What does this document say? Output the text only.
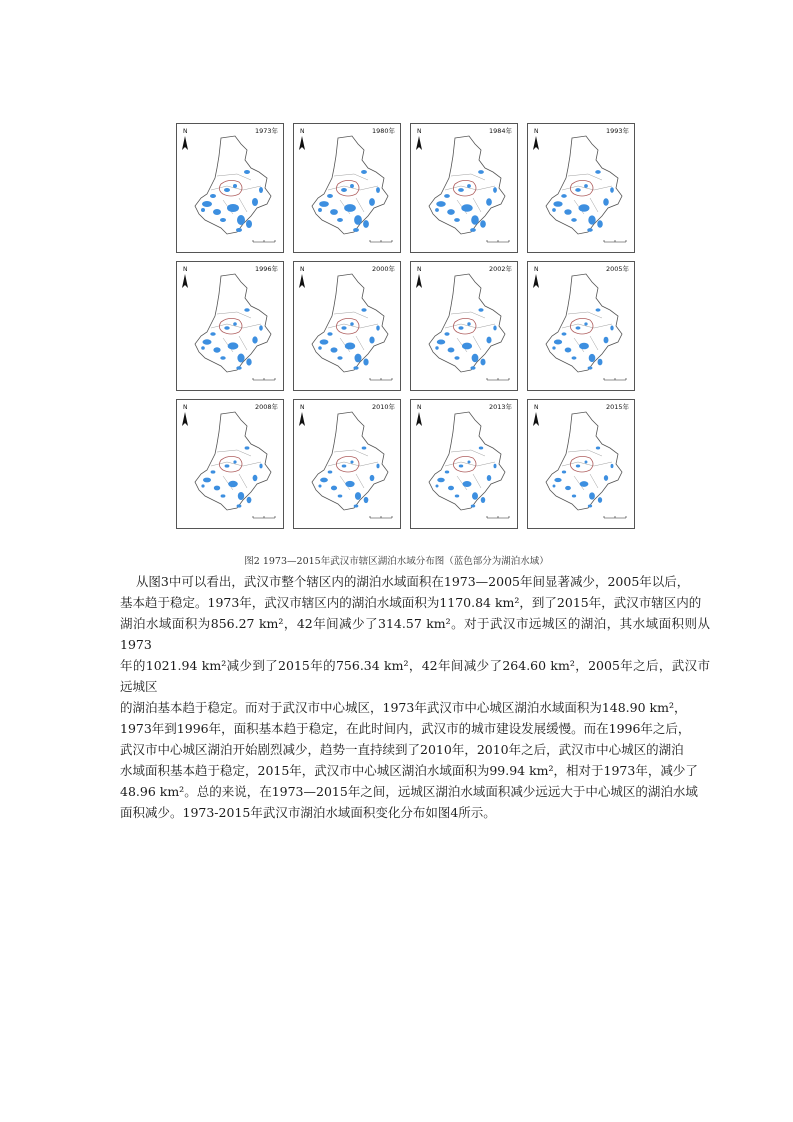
N	1973年	N	1980年	N	1984年	N	1993年
N	1996年	N	2000年	N	2002年	N	2005年
N	2008年	N	2010年	N	2013年	N	2015年
图2 1973—2015年武汉市辖区湖泊水域分布图（蓝色部分为湖泊水域）

从图3中可以看出，武汉市整个辖区内的湖泊水域面积在1973—2005年间显著减少，2005年以后，

基本趋于稳定。1973年，武汉市辖区内的湖泊水域面积为1170.84 km²，到了2015年，武汉市辖区内的

湖泊水域面积为856.27 km²，42年间减少了314.57 km²。对于武汉市远城区的湖泊，其水域面积则从1973

年的1021.94 km²减少到了2015年的756.34 km²，42年间减少了264.60 km²，2005年之后，武汉市远城区

的湖泊基本趋于稳定。而对于武汉市中心城区，1973年武汉市中心城区湖泊水域面积为148.90 km²，

1973年到1996年，面积基本趋于稳定，在此时间内，武汉市的城市建设发展缓慢。而在1996年之后，

武汉市中心城区湖泊开始剧烈减少，趋势一直持续到了2010年，2010年之后，武汉市中心城区的湖泊

水域面积基本趋于稳定，2015年，武汉市中心城区湖泊水域面积为99.94 km²，相对于1973年，减少了

48.96 km²。总的来说，在1973—2015年之间，远城区湖泊水域面积减少远远大于中心城区的湖泊水域

面积减少。1973-2015年武汉市湖泊水域面积变化分布如图4所示。
